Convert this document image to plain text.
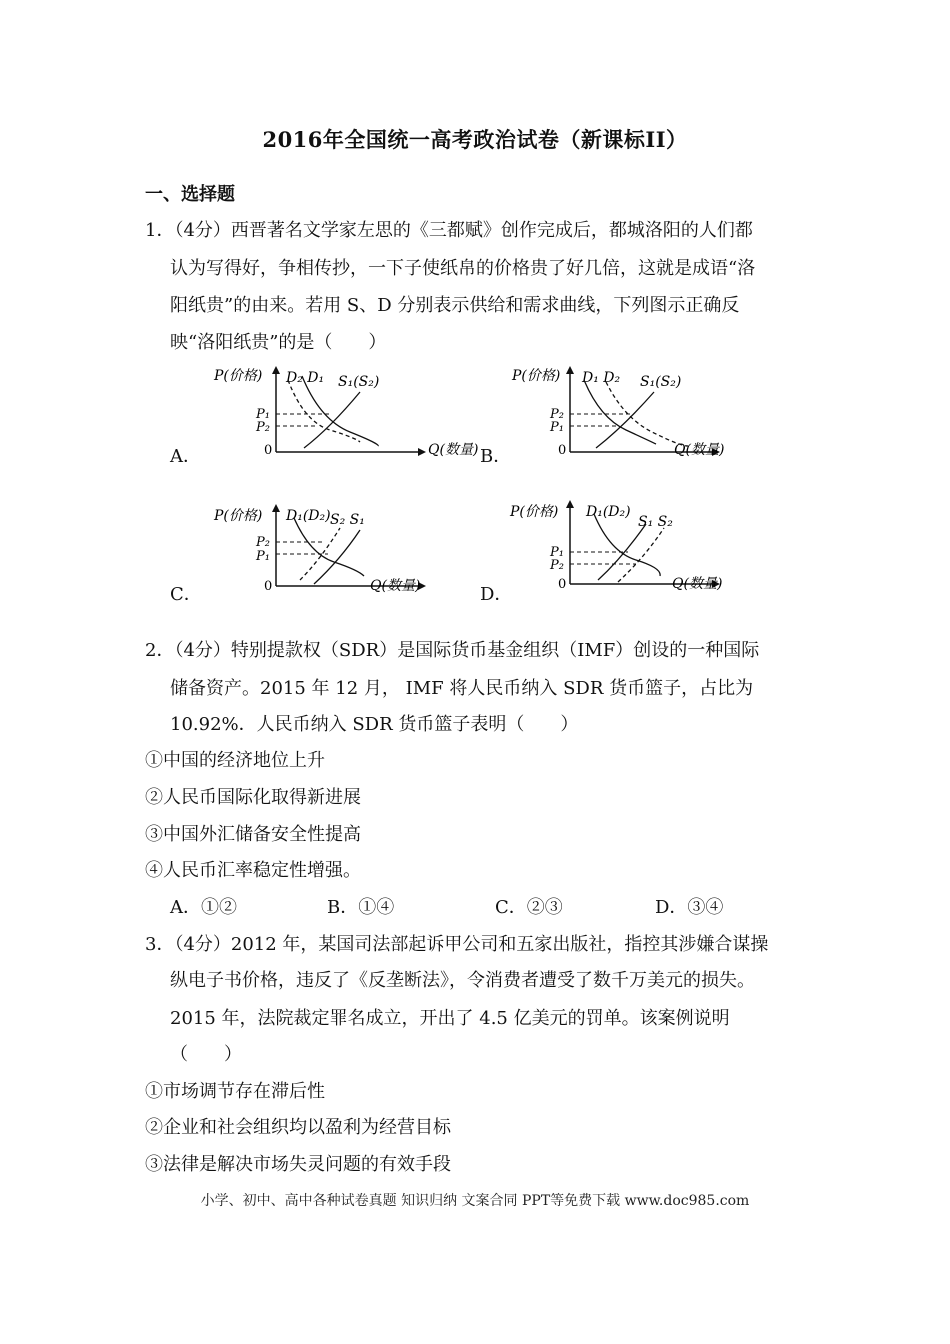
2016年全国统一高考政治试卷（新课标II）
一、选择题
1．（4分）西晋著名文学家左思的《三都赋》创作完成后，都城洛阳的人们都
认为写得好，争相传抄，一下子使纸帛的价格贵了好几倍，这就是成语“洛
阳纸贵”的由来。若用 S、D 分别表示供给和需求曲线，下列图示正确反
映“洛阳纸贵”的是（　　）
A．
P(价格)
Q(数量)
0
D₂ D₁ S₁(S₂)
P₁
P₂
B．
P(价格)
Q(数量)
0
D₁ D₂ S₁(S₂)
P₂
P₁
C．
P(价格)
Q(数量)
0
D₁(D₂) S₂ S₁
P₂
P₁
D．
P(价格)
Q(数量)
0
D₁(D₂)
S₁ S₂
P₁
P₂
2．（4分）特别提款权（SDR）是国际货币基金组织（IMF）创设的一种国际
储备资产。2015 年 12 月， IMF 将人民币纳入 SDR 货币篮子，占比为
10.92%．人民币纳入 SDR 货币篮子表明（　　）
①中国的经济地位上升
②人民币国际化取得新进展
③中国外汇储备安全性提高
④人民币汇率稳定性增强。
A．①②	B．①④	C．②③	D．③④
3．（4分）2012 年，某国司法部起诉甲公司和五家出版社，指控其涉嫌合谋操
纵电子书价格，违反了《反垄断法》，令消费者遭受了数千万美元的损失。
2015 年，法院裁定罪名成立，开出了 4.5 亿美元的罚单。该案例说明
（　　）
①市场调节存在滞后性
②企业和社会组织均以盈利为经营目标
③法律是解决市场失灵问题的有效手段
小学、初中、高中各种试卷真题 知识归纳 文案合同 PPT等免费下载 www.doc985.com
